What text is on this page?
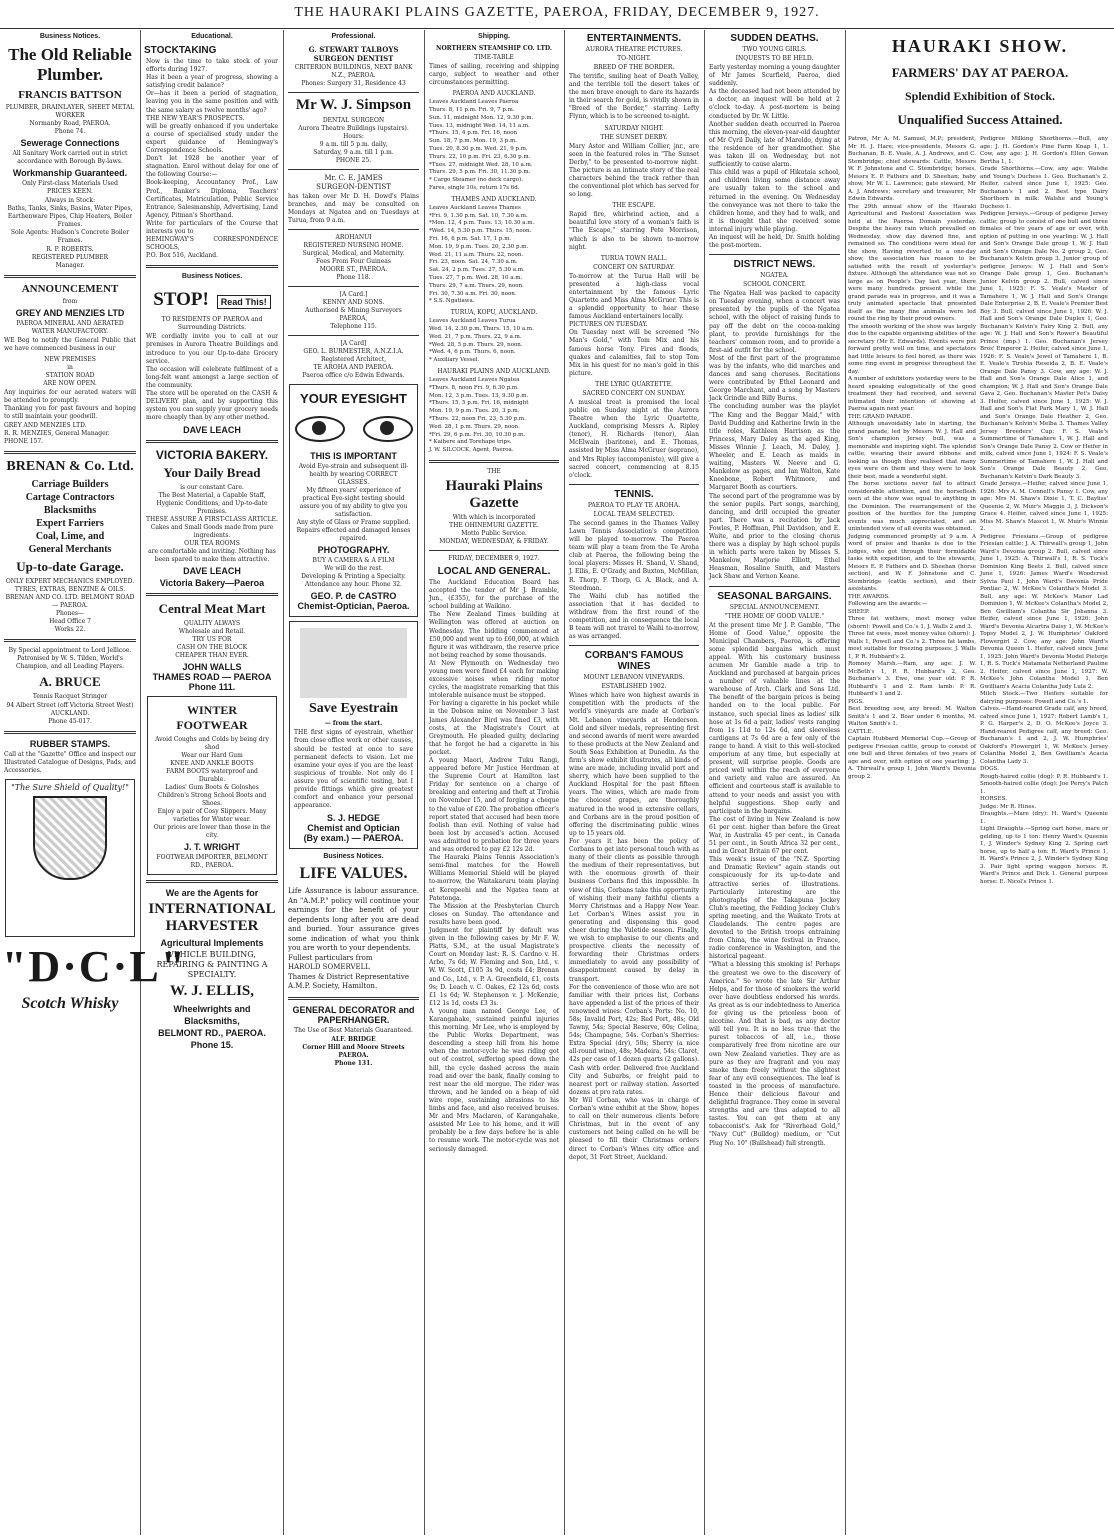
THE HAURAKI PLAINS GAZETTE, PAEROA, FRIDAY, DECEMBER 9, 1927.
Business Notices.
The Old Reliable Plumber.
FRANCIS BATTSON
PLUMBER, DRAINLAYER, SHEET METAL WORKER
Normanby Road, PAEROA.
Phone 74.
Sewerage Connections
All Sanitary Work carried out in strict accordance with Borough By-laws.
Workmanship Guaranteed.
Only First-class Materials Used
PRICES KEEN.
Always in Stock:
Baths, Tanks, Sinks, Basins, Water Pipes, Earthenware Pipes, Chip Heaters, Boiler Frames.
Sole Agents: Hudson's Concrete Boiler Frames.
R. P. ROBERTS.
REGISTERED PLUMBER
Manager.
ANNOUNCEMENT
from
GREY AND MENZIES LTD
PAEROA MINERAL AND AERATED WATER MANUFACTORY.
WE Beg to notify the General Public that we have commenced business in our
NEW PREMISES
in
STATION ROAD
ARE NOW OPEN.
Any inquiries for our aerated waters will be attended to promptly.
Thanking you for past favours and hoping to still maintain your goodwill.
GREY AND MENZIES LTD.
R. R. MENZIES, General Manager.
PHONE 157.
BRENAN & Co. Ltd.
Carriage Builders
Cartage Contractors
Blacksmiths
Expert Farriers
Coal, Lime, and
General Merchants
Up-to-date Garage.
ONLY EXPERT MECHANICS EMPLOYED.
TYRES, EXTRAS, BENZINE & OILS.
BRENAN AND CO. LTD. BELMONT ROAD — PAEROA.
Phones—
Head Office 7
Works 22.
By Special appointment to Lord Jellicoe.
Patronised by W. S. Tilden, World's Champion, and all Leading Players.
A. BRUCE
Tennis Racquet Stringer
94 Albert Street (off Victoria Street West) AUCKLAND.
Phone 45-017.
RUBBER STAMPS.
Call at the "Gazette" Office and inspect our Illustrated Catalogue of Designs, Pads, and Accessories.
"The Sure Shield of Quality!"
"D·C·L"
Scotch Whisky
Educational.
STOCKTAKING
Now is the time to take stock of your efforts during 1927.
Has it been a year of progress, showing a satisfying credit balance?
Or—has it been a period of stagnation, leaving you in the same position and with the same salary as twelve months' ago?
THE NEW YEAR'S PROSPECTS.
will be greatly enhanced if you undertake a course of specialised study under the expert guidance of Hemingway's Correspondence Schools.
Don't let 1928 be another year of stagnation. Enrol without delay for one of the following Course:—
Book-keeping, Accountancy Prof., Law Prof., Banker's Diploma, Teachers' Certificates, Matriculation, Public Service Entrance, Salesmanship, Advertising, Land Agency, Pitman's Shorthand.
Write for particulars of the Course that interests you to
HEMINGWAY'S CORRESPONDENCE SCHOOLS,
P.O. Box 516, Auckland.
Business Notices.
STOP!	Read This!
TO RESIDENTS OF PAEROA and Surrounding Districts.
WE cordially invite you to call at our premises in Aurora Theatre Buildings and introduce to you our Up-to-date Grocery service.
The occasion will celebrate fulfilment of a long-felt want amongst a large section of the community.
The store will be operated on the CASH & DELIVERY plan, and by supporting this system you can supply your grocery needs more cheaply than by any other method.
DAVE LEACH
VICTORIA BAKERY.
Your Daily Bread
is our constant Care.
The Best Material, a Capable Staff, Hygienic Conditions, and Up-to-date Premises.
THESE ASSURE A FIRST-CLASS ARTICLE.
Cakes and Small Goods made from pure ingredients.
OUR TEA ROOMS
are comfortable and inviting. Nothing has been spared to make them attractive.
DAVE LEACH
Victoria Bakery—Paeroa
Central Meat Mart
QUALITY ALWAYS
Wholesale and Retail.
TRY US FOR
CASH ON THE BLOCK
CHEAPER THAN EVER.
JOHN WALLS
THAMES ROAD — PAEROA
Phone 111.
WINTER FOOTWEAR
Avoid Coughs and Colds by being dry shod
Wear our Hard Gum
KNEE AND ANKLE BOOTS
FARM BOOTS waterproof and Durable.
Ladies' Gum Boots & Goloshes
Children's Strong School Boots and Shoes.
Enjoy a pair of Cosy Slippers. Many varieties for Winter wear.
Our prices are lower than those in the city.
J. T. WRIGHT
FOOTWEAR IMPORTER, BELMONT RD., PAEROA.
We are the Agents for
INTERNATIONAL HARVESTER
Agricultural Implements
VEHICLE BUILDING, REPAIRING & PAINTING A SPECIALTY.
W. J. ELLIS,
Wheelwrights and Blacksmiths,
BELMONT RD., PAEROA.
Phone 15.
Professional.
G. STEWART TALBOYS
SURGEON DENTIST
CRITERION BUILDINGS, NEXT BANK N.Z., PAEROA.
Phones: Surgery 31, Residence 43
Mr W. J. Simpson
DENTAL SURGEON
Aurora Theatre Buildings (upstairs).
Hours:
9 a.m. till 5 p.m. daily,
Saturday, 9 a.m. till 1 p.m.
PHONE 25.
Mr. C. E. JAMES
SURGEON-DENTIST
has taken over Mr D. H. Dowd's Plains branches, and may be consulted on Mondays at Ngatea and on Tuesdays at Turua, from 9 a.m.
AROHANUI
REGISTERED NURSING HOME.
Surgical, Medical, and Maternity.
Fees From Four Guineas
MOORE ST., PAEROA.
Phone 118.
[A Card.]
KENNY AND SONS.
Authorised & Mining Surveyors
PAEROA,
Telephone 115.
[A Card]
GEO. L. BURMESTER, A.N.Z.I.A.
Registered Architect,
TE AROHA AND PAEROA.
Paeroa office c/o Edwin Edwards.
YOUR EYESIGHT
THIS IS IMPORTANT
Avoid Eye-strain and subsequent ill-health by wearing CORRECT GLASSES.
My fifteen years' experience of practical Eye-sight testing should assure you of my ability to give you satisfaction.
Any style of Glass or Frame supplied.
Repairs effected and damaged lenses repaired.
PHOTOGRAPHY.
BUY A CAMERA & A FILM
We will do the rest.
Developing & Printing a Specialty.
Attendance any hour. Phone 32.
GEO. P. de CASTRO
Chemist-Optician, Paeroa.
Save Eyestrain
— from the start.
THE first signs of eyestrain, whether from close office work or other causes, should be tested at once to save permanent defects to vision. Let me examine your eyes if you are the least suspicious of trouble. Not only do I assure you of scientific testing, but I provide fittings which give greatest comfort and enhance your personal appearance.
S. J. HEDGE
Chemist and Optician
(By exam.) — PAEROA.
Business Notices.
LIFE VALUES.
Life Assurance is labour assurance. An "A.M.P." policy will continue your earnings for the benefit of your dependents long after you are dead and buried. Your assurance gives some indication of what you think you are worth to your dependents.
Fullest particulars from
HAROLD SOMERVELL
Thames & District Representative
A.M.P. Society, Hamilton.
GENERAL DECORATOR and PAPERHANGER.
The Use of Best Materials Guaranteed.
ALF. BRIDGE
Corner Hill and Moore Streets
PAEROA.
Phone 131.
Shipping.
NORTHERN STEAMSHIP CO. LTD.
TIME-TABLE
Times of sailing, receiving and shipping cargo, subject to weather and other circumstances permitting.
PAEROA AND AUCKLAND.
Leaves Auckland Leaves Paeroa
Thurs. 8, 11 p.m. Fri. 9, 7 p.m.
Sun. 11, midnight Mon. 12, 9.30 p.m.
Tues. 13, midnight Wed. 14, 11 a.m.
*Thurs. 15, 4 p.m. Fri. 16, noon
Sun. 18, 7 p.m. Mon. 19, 3 p.m.
Tues. 20, 8.30 p.m. Wed. 21, 9 p.m.
Thurs. 22, 10 p.m. Fri. 23, 6.30 p.m.
*Tues. 27, midnight Wed. 28, 10 a.m.
Thurs. 29, 5 p.m. Fri. 30, 11.30 p.m.
* Cargo Steamer (no deck cargo).
Fares, single 10s, return 17s 6d.
THAMES AND AUCKLAND.
Leaves Auckland Leaves Thames
*Fri. 9, 1.30 p.m. Sat. 10, 7.30 a.m.
*Mon. 12, 4 p.m. Tues. 13, 10.30 a.m.
*Wed. 14, 5.30 p.m. Thurs. 15, noon.
Fri. 16, 6 p.m. Sat. 17, 1 p.m.
Mon. 19, 9 p.m. Tues. 20, 2.30 p.m.
Wed. 21, 11 a.m. Thurs. 22, noon.
Fri. 23, noon. Sat. 24, 7.30 a.m.
Sat. 24, 2 p.m. Tues. 27, 5.30 a.m.
Tues. 27, 7 p.m. Wed. 28, 10 a.m.
Thurs. 29, 7 a.m. Thurs. 29, noon.
Fri. 30, 7.30 a.m. Fri. 30, noon.
* S.S. Ngatiawa.
TURUA, KOPU, AUCKLAND.
Leaves Auckland Leaves Turua
Wed. 14, 2.30 p.m. Thurs. 15, 10 a.m.
Wed. 21, 7 p.m. Thurs. 22, 9 a.m.
*Wed. 28, 5 p.m. Thurs. 29, noon.
*Wed. 4, 6 p.m. Thurs. 6, noon.
* Auxiliary Vessel.
HAURAKI PLAINS AND AUCKLAND.
Leaves Auckland Leaves Ngatea
*Thurs. 8, noon Fri. 9, 6.30 p.m.
Mon. 12, 3 p.m. Tues. 13, 9.30 p.m.
*Thurs. 15, 5 p.m. Fri. 16, midnight
Mon. 19, 9 p.m. Tues. 20, 3 p.m.
*Thurs. 22, noon Fri. 23, 5.30 p.m.
Wed. 28, 1 p.m. Thurs. 29, noon.
*Fri. 29, 6 p.m. Fri. 30, 10.30 p.m.
* Kaihere and Torehape trips.
J. W. SILCOCK, Agent, Paeroa.
THE
Hauraki Plains Gazette
With which is incorporated
THE OHINEMURI GAZETTE.
Motto Public Service.
MONDAY, WEDNESDAY, & FRIDAY.
FRIDAY, DECEMBER 9, 1927.
LOCAL AND GENERAL.
The Auckland Education Board has accepted the tender of Mr J. Bramble, Jun., (£355), for the purchase of the school building at Waikino.
The New Zealand Times building at Wellington was offered at auction on Wednesday. The bidding commenced at £50,000 and went up to £60,000, at which figure it was withdrawn, the reserve price not being reached by some thousands.
At New Plymouth on Wednesday two young men were fined £4 each for making excessive noises when riding motor cycles, the magistrate remarking that this intolerable nuisance must be stopped.
For having a cigarette in his pocket while in the Dobson mine on November 3 last James Alexander Bird was fined £3, with costs, at the Magistrate's Court at Greymouth. He pleaded guilty, declaring that he forgot he had a cigarette in his pocket.
A young Maori, Andrew Tuku Rangi, appeared before Mr Justice Herdman at the Supreme Court at Hamilton last Friday for sentence on a charge of breaking and entering and theft at Tirohia on November 15, and of forging a cheque to the value of £20. The probation officer's report stated that accused had been more foolish than evil. Nothing of value had been lost by accused's action. Accused was admitted to probation for three years and was ordered to pay £2 12s 2d.
The Hauraki Plains Tennis Association's semi-final matches for the Howell Williams Memorial Shield will be played to-morrow, the Waitakaruru team playing at Kerepeehi and the Ngatea team at Patetonga.
The Mission at the Presbyterian Church closes on Sunday. The attendance and results have been good.
Judgment for plaintiff by default was given in the following cases by Mr F. W. Platts, S.M., at the usual Magistrate's Court on Monday last: R. S. Cardno v. H. Arbo, 7s 6d; W. Fleming and Son, Ltd., v. W. W. Scott, £105 3s 9d, costs £4; Brenan and Co., Ltd., v. P. A. Greenfield, £1, costs 9s; D. Leach v. C. Oakes, £2 12s 6d, costs £1 1s 6d; W. Stephenson v. J. McKenzie, £12 1s 1d, costs £3 3s.
A young man named George Lee, of Karangahake, sustained painful injuries this morning. Mr Lee, who is employed by the Public Works Department, was descending a steep hill from his home when the motor-cycle he was riding got out of control, suffering speed down the hill, the cycle dashed across the main road and over the bank, finally coming to rest near the old morgue. The rider was thrown, and he landed on a heap of old wire rope, sustaining abrasions to his limbs and face, and also received bruises. Mr and Mrs Maclaren, of Karangahake, assisted Mr Lee to his home, and it will probably be a few days before he is able to resume work. The motor-cycle was not seriously damaged.
ENTERTAINMENTS.
AURORA THEATRE PICTURES.
TO-NIGHT.
BREED OF THE BORDER.
The terrific, smiling heat of Death Valley, and the terrible toll the desert takes of the men brave enough to dare its hazards in their search for gold, is vividly shown in "Breed of the Border," starring Lefty Flynn, which is to be screened to-night.
SATURDAY NIGHT.
THE SUNSET DERBY.
Mary Astor and William Collier, jnr., are seen in the featured roles in "The Sunset Derby," to be presented to-morrow night. The picture is an intimate story of the real characters behind the track rather than the conventional plot which has served for so long.
THE ESCAPE.
Rapid fire, whirlwind action, and a beautiful love story of a woman's faith is "The Escape," starring Pete Morrison, which is also to be shown to-morrow night.
TURUA TOWN HALL.
CONCERT ON SATURDAY.
To-morrow at the Turua Hall will be presented a high-class vocal entertainment by the famous Lyric Quartette and Miss Alma McGruer. This is a splendid opportunity to hear these famous Auckland entertainers locally.
PICTURES ON TUESDAY.
On Tuesday next will be screened "No Man's Gold," with Tom Mix and his famous horse Tony. Fires and floods, quakes and calamities, fail to stop Tom Mix in his quest for no man's gold in this picture.
THE LYRIC QUARTETTE.
SACRED CONCERT ON SUNDAY.
A musical treat is promised the local public on Sunday night at the Aurora Theatre when the Lyric Quartette, Auckland, comprising Messrs A. Ripley (tenor), H. Richards (tenor), Alan McElwain (baritone), and E. Thomas, assisted by Miss Alma McGruer (soprano), and Mrs Ripley (accompaniste), will give a sacred concert, commencing at 8.15 o'clock.
TENNIS.
PAEROA TO PLAY TE AROHA.
LOCAL TEAM SELECTED.
The second games in the Thames Valley Lawn Tennis Association's competition will be played to-morrow. The Paeroa team will play a team from the Te Aroha club at Paeroa, the following being the local players: Misses H. Shand, V. Shand, J. Ellis, E. O'Grady, and Buxton, McMillan, R. Thorp, F. Thorp, G. A. Black, and A. Steedman.
The Waihi club has notified the association that it has decided to withdraw from the first round of the competition, and in consequence the local B team will not travel to Waihi to-morrow, as was arranged.
CORBAN'S FAMOUS WINES
MOUNT LEBANON VINEYARDS.
ESTABLISHED 1902.
Wines which have won highest awards in competition with the products of the world's vineyards are made at Corban's Mt. Lebanon vineyards at Henderson. Gold and silver medals, representing first and second awards of merit were awarded to these products at the New Zealand and South Seas Exhibition at Dunedin. As the firm's show exhibit illustrates, all kinds of wine are made, including invalid port and sherry, which have been supplied to the Auckland Hospital for the past fifteen years. The wines, which are made from the choicest grapes, are thoroughly matured in the wood in extensive cellars, and Corbans are in the proud position of offering the discriminating public wines up to 15 years old.
For years it has been the policy of Corbans to get into personal touch with as many of their clients as possible through the medium of their representatives, but with the enormous growth of their business Corbans find this impossible. In view of this, Corbans take this opportunity of wishing their many faithful clients a Merry Christmas and a Happy New Year. Let Corban's Wines assist you in generating and dispensing this good cheer during the Yuletide season. Finally, we wish to emphasise to our clients and prospective clients the necessity of forwarding their Christmas orders immediately to avoid any possibility of disappointment caused by delay in transport.
For the convenience of those who are not familiar with their prices list, Corbans have appended a list of the prices of their renowned wines: Corban's Ports: No. 10, 58s; Invalid Port, 42s; Red Port, 48s; Old Tawny, 54s; Special Reserve, 60s; Celina, 54s; Champagne, 54s. Corban's Sherries: Extra Special (dry), 50s; Sherry (a nice all-round wine), 48s; Madeira, 54s; Claret, 42s per case of 1 dozen quarts (2 gallons). Cash with order. Delivered free Auckland City and Suburbs, or freight paid to nearest port or railway station. Assorted dozens at pro rata rates.
Mr Wil Corban, who was in charge of Corban's wine exhibit at the Show, hopes to call on their numerous clients before Christmas, but in the event of any customers not being called on he will be pleased to fill their Christmas orders direct to Corban's Wines city office and depot, 31 Fort Street, Auckland.
SUDDEN DEATHS.
TWO YOUNG GIRLS.
INQUESTS TO BE HELD.
Early yesterday morning a young daughter of Mr James Scurfield, Paeroa, died suddenly.
As the deceased had not been attended by a doctor, an inquest will be held at 2 o'clock to-day. A post-mortem is being conducted by Dr. W. Little.
Another sudden death occurred in Paeroa this morning, the eleven-year-old daughter of Mr Cyril Daily, late of Mareldo, dying at the residence of her grandmother. She was taken ill on Wednesday, but not sufficiently to cause alarm.
This child was a pupil of Hikutaia school, and children living some distance away are usually taken to the school and returned in the evening. On Wednesday the conveyance was not there to take the children home, and they had to walk, and it is thought that she received some internal injury while playing.
An inquest will be held, Dr. Smith holding the post-mortem.
DISTRICT NEWS.
NGATEA.
SCHOOL CONCERT.
The Ngatea Hall was packed to capacity on Tuesday evening, when a concert was presented by the pupils of the Ngatea school, with the object of raising funds to pay off the debt on the cocoa-making plant, to provide furnishings for the teachers' common room, and to provide a first-aid outfit for the school.
Most of the first part of the programme was by the infants, who did marches and dances and sang choruses. Recitations were contributed by Ethel Leonard and George Marchant, and a song by Masters Jack Grindle and Billy Burns.
The concluding number was the playlet "The King and the Beggar Maid," with David Dudding and Katherine Irwin in the title roles, Kathleen Harrison as the Princess, Mary Daley as the aged King, Misses Winnie J. Leach, M. Daley, J. Wheeler, and E. Leach as maids in waiting, Masters W. Neeve and G. Mankelow as pages, and Ian Walton, Kate Kneebone, Robert Whitmore, and Margaret Booth as courtiers.
The second part of the programme was by the senior pupils. Part songs, marching, dancing, and drill occupied the greater part. There was a recitation by Jack Fowles, P. Hoffman, Phil Davidson, and E. Waite, and prior to the closing chorus there was a display by high school pupils in which parts were taken by Misses S. Mankelow, Marjorie Elliott, Ethel Heasman, Rosaline Smith, and Masters Jack Shaw and Vernon Keane.
SEASONAL BARGAINS.
SPECIAL ANNOUNCEMENT.
"THE HOME OF GOOD VALUE."
At the present time Mr J. P. Gamble, "The Home of Good Value," opposite the Municipal Chambers, Paeroa, is offering some splendid bargains which must appeal. With his customary business acumen Mr Gamble made a trip to Auckland and purchased at bargain prices a number of valuable lines at the warehouse of Arch. Clark and Sons Ltd. The benefit of the bargain prices is being handed on to the local public. For instance, such special lines as ladies' silk hose at 1s 6d a pair, ladies' vests ranging from 1s 11d to 12s 6d, and sleeveless cardigans at 7s 6d are a few only of the range to hand. A visit to this well-stocked emporium at any time, but especially at present, will surprise people. Goods are priced well within the reach of everyone and variety and value are assured. An efficient and courteous staff is available to attend to your needs and assist you with helpful suggestions. Shop early and participate in the bargains.
The cost of living in New Zealand is now 61 per cent. higher than before the Great War, in Australia 45 per cent., in Canada 51 per cent., in South Africa 32 per cent., and in Great Britain 67 per cent.
This week's issue of the "N.Z. Sporting and Dramatic Review" again stands out conspicuously for its up-to-date and attractive series of illustrations. Particularly interesting are the photographs of the Takapuna Jockey Club's meeting, the Feilding Jockey Club's spring meeting, and the Waikato Trots at Claudelands. The centre pages are devoted to the British troops entraining from China, the wine festival in France, radio conference in Washington, and the historical pageant.
"What a blessing this smoking is! Perhaps the greatest we owe to the discovery of America." So wrote the late Sir Arthur Helps, and for those of smokers the world over have doubtless endorsed his words. As great as is our indebtedness to America for giving us the priceless boon of nicotine. And that is bad, as any doctor will tell you. It is no less true that the purest tobaccos of all, i.e., those comparatively free from nicotine are our own New Zealand varieties. They are as pure as they are fragrant and you may smoke them freely without the slightest fear of any evil consequences. The leaf is toasted in the process of manufacture. Hence their delicious flavour and delightful fragrance. They come in several strengths and are thus adapted to all tastes. You can get them at any tobacconist's. Ask for "Riverhead Gold," "Navy Cut" (Bulldog) medium, or "Cut Plug No. 10" (Bullshead) full strength.
HAURAKI SHOW.
FARMERS' DAY AT PAEROA.
Splendid Exhibition of Stock.
Unqualified Success Attained.
Patron, Mr A. M. Samuel, M.P.; president, Mr H. J. Hare; vice-presidents, Messrs G. Buchanan, B. E. Veale, A. J. Andrews, and C. Stembridge; chief stewards: Cattle, Messrs W. F. Johnstone and C. Stembridge; horses, Messrs E. P. Fathers and D. Sheehan; baby show, Mr W. L. Lawrence; gate steward, Mr A. J. Andrews; secretary and treasurer, Mr Edwin Edwards.
The 29th annual show of the Hauraki Agricultural and Pastoral Association was held at the Paeroa Domain yesterday. Despite the heavy rain which prevailed on Wednesday, show day dawned fine, and remained so. The conditions were ideal for the show. Having reverted to a one-day show, the association has reason to be satisfied with the result of yesterday's fixture. Although the attendance was not so large as on People's Day last year, there were many hundreds present while the grand parade was in progress, and it was a truly animated spectacle that presented itself as the many fine animals were led round the ring by their proud owners.
The smooth working of the show was largely due to the capable organising abilities of the secretary (Mr E. Edwards). Events were put forward pretty well on time, and spectators had little leisure to feel bored, as there was some ring event in progress throughout the day.
A number of exhibitors yesterday were to be heard speaking eulogistically of the good treatment they had received, and several intimated their intention of showing at Paeroa again next year.
THE GRAND PARADE.
Although unavoidably late in starting, the grand parade, led by Messrs W. J. Hall and Son's champion Jersey bull, was a memorable and inspiring sight. The splendid cattle, wearing their award ribbons and looking as though they realised that many eyes were on them and they were to look their best, made a wonderful sight.
The horse sections never fail to attract considerable attention, and the horseflesh seen at the show was equal to anything in the Dominion. The rearrangement of the position of the hurdles for the jumping events was much appreciated, and an unintended view of all events was obtained.
Judging commenced promptly at 9 a.m. A word of praise and thanks is due to the judges, who got through their formidable tasks with expedition, and to the stewards, Messrs E. P. Fathers and D. Sheehan (horse section), and W. F. Johnstone and C. Stembridge (cattle section), and their assistants.
THE AWARDS.
Following are the awards:—
SHEEP.
Three fat wethers, most money value (shorn): Powell and Co.'s 1, J. Walls 2 and 3.
Three fat ewes, most money value (shorn): J. Walls 1, Powell and Co.'s 2. Three fat lambs, most suitable for freezing purposes: J. Walls 1, P. R. Hubbard's 2.
Romney Marsh.—Ram, any age: J. W. McBeth's 1, P. R. Hubbard's 2, Geo. Buchanan's 3. Ewe, one year old: P. R. Hubbard's 1 and 2. Ram lamb: P. R. Hubbard's 1 and 2.
PIGS.
Best breeding sow, any breed: M. Walton Smith's 1 and 2. Boar under 6 months, M. Walton Smith's 1.
CATTLE.
Captain Hubbard Memorial Cup.—Group of pedigree Friesian cattle, group to consist of one bull and three females of two years of age and over, with option of one yearling: J. A. Thirwall's group 1, John Ward's Devonia group 2.
Pedigree Milking Shorthorns.—Bull, any age: J. H. Gordon's Pine Farm Knap 1, 1. Cow, any age: J. H. Gordon's Ellen Gowan Bertha 1, 1.
Grade Shorthorns.—Cow, any age: Walshe and Young's Duchess 1. Geo. Buchanan's 2. Heifer, calved since June 1, 1925: Geo. Buchanan's 1 and 2. Best type Dairy Shorthorn in milk: Walshe and Young's Duchess 1.
Pedigree Jerseys.—Group of pedigree Jersey cattle; group to consist of one bull and three females of two years of age or over, with option of putting in one yearling: W. J. Hall and Son's Orange Dale group 1, W. J. Hall and Son's Orange Dale No. 2 group 2, Geo. Buchanan's Kelvin group 3. Junior group of pedigree Jerseys: W. J. Hall and Son's Orange Dale group 1, Geo. Buchanan's Junior Kelvin group 2. Bull, calved since June 1, 1925: F. S. Veale's Master of Tamahere 1, W. J. Hall and Son's Orange Dale Enterprise 2, B. E. Veale's Premier Best Boy 3. Bull, calved since June 1, 1926: W. J. Hall and Son's Orange Dale Duplex 1, Geo. Buchanan's Kelvin's Fairy King 2. Bull, any age: W. J. Hall and Son's Rower's Beautiful Prince (imp.) 1. Geo. Buchanan's Jersey Bros' Emperor 2. Heifer, calved since June 1, 1926: F. S. Veale's Jewel of Tamahere 1, B. E. Veale's Tirohia Reseida 2, B. E. Veale's Orange Dale Pansy 3. Cow, any age: W. J. Hall and Son's Orange Dale Alice 1, and champion; W. J. Hall and Son's Orange Dale Gava 2, Geo. Buchanan's Master Pet's Daisy 3. Heifer, calved since June 1, 1925: W. J. Hall and Son's Flat Park Mary 1, W. J. Hall and Son's Orange Dale Heather 2, Geo. Buchanan's Kelvin's Melba 3. Thames Valley Jersey Breeders' Cup: F. S. Veale's Summertime of Tamahere 1, W. J. Hall and Son's Orange Dale Pansy 2. Cow or Heifer in milk, calved since June 1, 1924: F. S. Veale's Summertime of Tamahere 1, W. J. Hall and Son's Orange Dale Beauty 2, Geo. Buchanan's Kelvin's Dark Beauty 3.
Grade Jerseys.—Heifer, calved since June 1, 1926: Mrs A. M. Connell's Pansy 1. Cow, any age: Mrs M. Shaw's Dixie 1, T. C. Bayliss' Queenie 2, W. Muir's Maggie 3, J. Dickson's Grace 4. Heifer, calved since June 1, 1925: Miss M. Shaw's Mascot 1, W. Muir's Winnie 2.
Pedigree Friesians.—Group of pedigree Friesian cattle: J. A. Thirwall's group 1, John Ward's Devonia group 2. Bull, calved since June 1, 1925: A. Thirwall's 1, R. S. Tuck's Dominion King Beets 2. Bull, calved since June 1, 1926: James Ward's Woodcrest Sylvia Paul 1, John Ward's Devonia Pride Pontiac 2, W. McKee's Colantha's Model 3. Bull, any age: W. McKee's Manor Lad Dominion 1, W. McKee's Colantha's Model 2, Ben Gwilliam's Colantha Sir Johanna 3. Heifer, calved since June 1, 1926: John Ward's Devonia Alcartra Daisy 1, W. McKee's Topsy Model 2, J. W. Humphries' Oakford Flowergirl 2. Cow, any age: John Ward's Devonia Queen 1. Heifer, calved since June 1, 1925: John Ward's Devonia Model Pieterje 1, R. S. Tuck's Matamata Netherland Pauline 2. Heifer, calved since June 1, 1927: W. McKee's John Colantha Model 1, Ben Gwilliam's Acacia Colantha Judy Lula 2.
Milch Stock.—Two Heifers suitable for dairying purposes: Powell and Co.'s 1.
Calves.—Hand-reared Grade calf, any breed, calved since June 1, 1927: Robert Lamb's 1, P. G. Harper's 2, D. O. McKee's Joyce 3. Hand-reared Pedigree calf, any breed: Geo. Buchanan's 1 and 2, J. W. Humphries' Oakford's Flowergirl 1, W. McKee's Jersey Colantha Model 2, Ben Gwilliam's Acacia Colantha Lady 3.
DOGS.
Rough-haired collie (dog): P. R. Hubbard's 1. Smooth-haired collie (dog): Joe Perry's Patch 1.
HORSES.
Judge: Mr R. Hines.
Draughts.—Mare (dry): H. Ward's Queenie 1.
Light Draughts.—Spring cart horse, mare or gelding, up to 1 ton: Henry Ward's Queenie 1, J. Winder's Sydney King 2. Spring cart horse, up to half a ton: R. Ward's Prince 1, H. Ward's Prince 2, J. Winder's Sydney King 3. Pair light spring waggon horses: R. Ward's Prince and Dick 1. General purpose horse: E. Nicol's Prince 1.
